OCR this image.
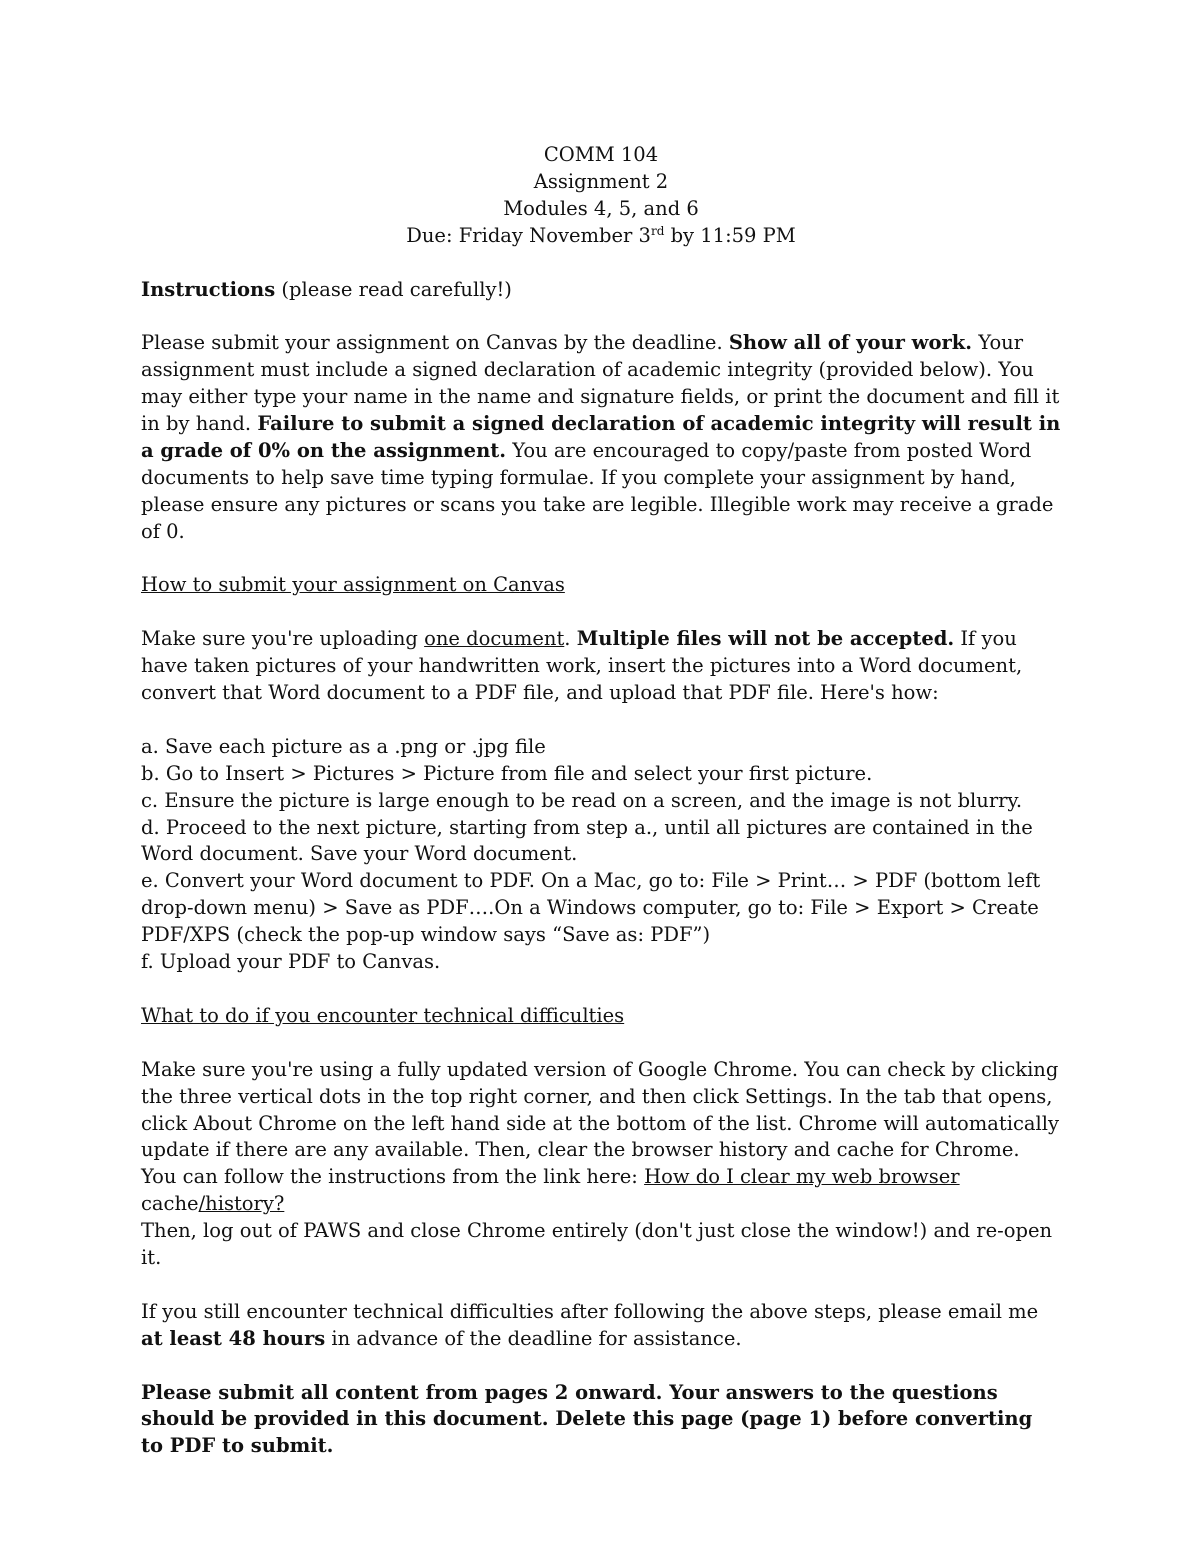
COMM 104
Assignment 2
Modules 4, 5, and 6
Due: Friday November 3rd by 11:59 PM

Instructions (please read carefully!)

Please submit your assignment on Canvas by the deadline. Show all of your work. Your assignment must include a signed declaration of academic integrity (provided below). You may either type your name in the name and signature fields, or print the document and fill it in by hand. Failure to submit a signed declaration of academic integrity will result in a grade of 0% on the assignment. You are encouraged to copy/paste from posted Word documents to help save time typing formulae. If you complete your assignment by hand, please ensure any pictures or scans you take are legible. Illegible work may receive a grade of 0.

How to submit your assignment on Canvas

Make sure you're uploading one document. Multiple files will not be accepted. If you have taken pictures of your handwritten work, insert the pictures into a Word document, convert that Word document to a PDF file, and upload that PDF file. Here's how:

a. Save each picture as a .png or .jpg file
b. Go to Insert > Pictures > Picture from file and select your first picture.
c. Ensure the picture is large enough to be read on a screen, and the image is not blurry.
d. Proceed to the next picture, starting from step a., until all pictures are contained in the Word document. Save your Word document.
e. Convert your Word document to PDF. On a Mac, go to: File > Print… > PDF (bottom left drop-down menu) > Save as PDF….On a Windows computer, go to: File > Export > Create PDF/XPS (check the pop-up window says “Save as: PDF”)
f. Upload your PDF to Canvas.

What to do if you encounter technical difficulties

Make sure you're using a fully updated version of Google Chrome. You can check by clicking the three vertical dots in the top right corner, and then click Settings. In the tab that opens, click About Chrome on the left hand side at the bottom of the list. Chrome will automatically update if there are any available. Then, clear the browser history and cache for Chrome. You can follow the instructions from the link here: How do I clear my web browser cache/history?
Then, log out of PAWS and close Chrome entirely (don't just close the window!) and re-open it.

If you still encounter technical difficulties after following the above steps, please email me at least 48 hours in advance of the deadline for assistance.

Please submit all content from pages 2 onward. Your answers to the questions should be provided in this document. Delete this page (page 1) before converting to PDF to submit.
